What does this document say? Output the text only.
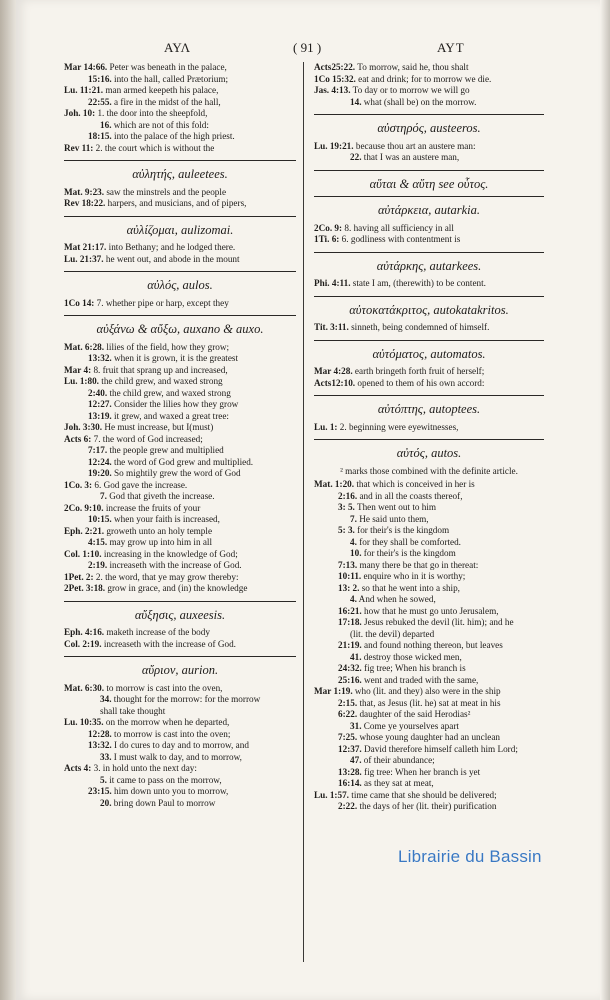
ΑΥΛ	( 91 )	ΑΥΤ
Mar 14:66. Peter was beneath in the palace,
15:16. into the hall, called Prætorium;
Lu. 11:21. man armed keepeth his palace,
22:55. a fire in the midst of the hall,
Joh. 10: 1. the door into the sheepfold,
16. which are not of this fold:
18:15. into the palace of the high priest.
Rev 11: 2. the court which is without the
αὐλητής, auleetees.
Mat. 9:23. saw the minstrels and the people
Rev 18:22. harpers, and musicians, and of pipers,
αὐλίζομαι, aulizomai.
Mat 21:17. into Bethany; and he lodged there.
Lu. 21:37. he went out, and abode in the mount
αὐλός, aulos.
1Co 14: 7. whether pipe or harp, except they
αὐξάνω & αὔξω, auxano & auxo.
Mat. 6:28. lilies of the field, how they grow;
13:32. when it is grown, it is the greatest
Mar 4: 8. fruit that sprang up and increased,
Lu. 1:80. the child grew, and waxed strong
2:40. the child grew, and waxed strong
12:27. Consider the lilies how they grow
13:19. it grew, and waxed a great tree:
Joh. 3:30. He must increase, but I(must)
Acts 6: 7. the word of God increased;
7:17. the people grew and multiplied
12:24. the word of God grew and multiplied.
19:20. So mightily grew the word of God
1Co. 3: 6. God gave the increase.
7. God that giveth the increase.
2Co. 9:10. increase the fruits of your
10:15. when your faith is increased,
Eph. 2:21. groweth unto an holy temple
4:15. may grow up into him in all
Col. 1:10. increasing in the knowledge of God;
2:19. increaseth with the increase of God.
1Pet. 2: 2. the word, that ye may grow thereby:
2Pet. 3:18. grow in grace, and (in) the knowledge
αὔξησις, auxeesis.
Eph. 4:16. maketh increase of the body
Col. 2:19. increaseth with the increase of God.
αὔριον, aurion.
Mat. 6:30. to morrow is cast into the oven,
34. thought for the morrow: for the morrow
shall take thought
Lu. 10:35. on the morrow when he departed,
12:28. to morrow is cast into the oven;
13:32. I do cures to day and to morrow, and
33. I must walk to day, and to morrow,
Acts 4: 3. in hold unto the next day:
5. it came to pass on the morrow,
23:15. him down unto you to morrow,
20. bring down Paul to morrow
Acts25:22. To morrow, said he, thou shalt
1Co 15:32. eat and drink; for to morrow we die.
Jas. 4:13. To day or to morrow we will go
14. what (shall be) on the morrow.
αὐστηρός, austeeros.
Lu. 19:21. because thou art an austere man:
22. that I was an austere man,
αὕται & αὕτη see οὗτος.
αὐτάρκεια, autarkia.
2Co. 9: 8. having all sufficiency in all
1Ti. 6: 6. godliness with contentment is
αὐτάρκης, autarkees.
Phi. 4:11. state I am, (therewith) to be content.
αὐτοκατάκριτος, autokatakritos.
Tit. 3:11. sinneth, being condemned of himself.
αὐτόματος, automatos.
Mar 4:28. earth bringeth forth fruit of herself;
Acts12:10. opened to them of his own accord:
αὐτόπτης, autoptees.
Lu. 1: 2. beginning were eyewitnesses,
αὐτός, autos.
² marks those combined with the definite article.
Mat. 1:20. that which is conceived in her is
2:16. and in all the coasts thereof,
3: 5. Then went out to him
7. He said unto them,
5: 3. for their's is the kingdom
4. for they shall be comforted.
10. for their's is the kingdom
7:13. many there be that go in thereat:
10:11. enquire who in it is worthy;
13: 2. so that he went into a ship,
4. And when he sowed,
16:21. how that he must go unto Jerusalem,
17:18. Jesus rebuked the devil (lit. him); and he
(lit. the devil) departed
21:19. and found nothing thereon, but leaves
41. destroy those wicked men,
24:32. fig tree; When his branch is
25:16. went and traded with the same,
Mar 1:19. who (lit. and they) also were in the ship
2:15. that, as Jesus (lit. he) sat at meat in his
6:22. daughter of the said Herodias²
31. Come ye yourselves apart
7:25. whose young daughter had an unclean
12:37. David therefore himself calleth him Lord;
47. of their abundance;
13:28. fig tree: When her branch is yet
16:14. as they sat at meat,
Lu. 1:57. time came that she should be delivered;
2:22. the days of her (lit. their) purification
Librairie du Bassin
